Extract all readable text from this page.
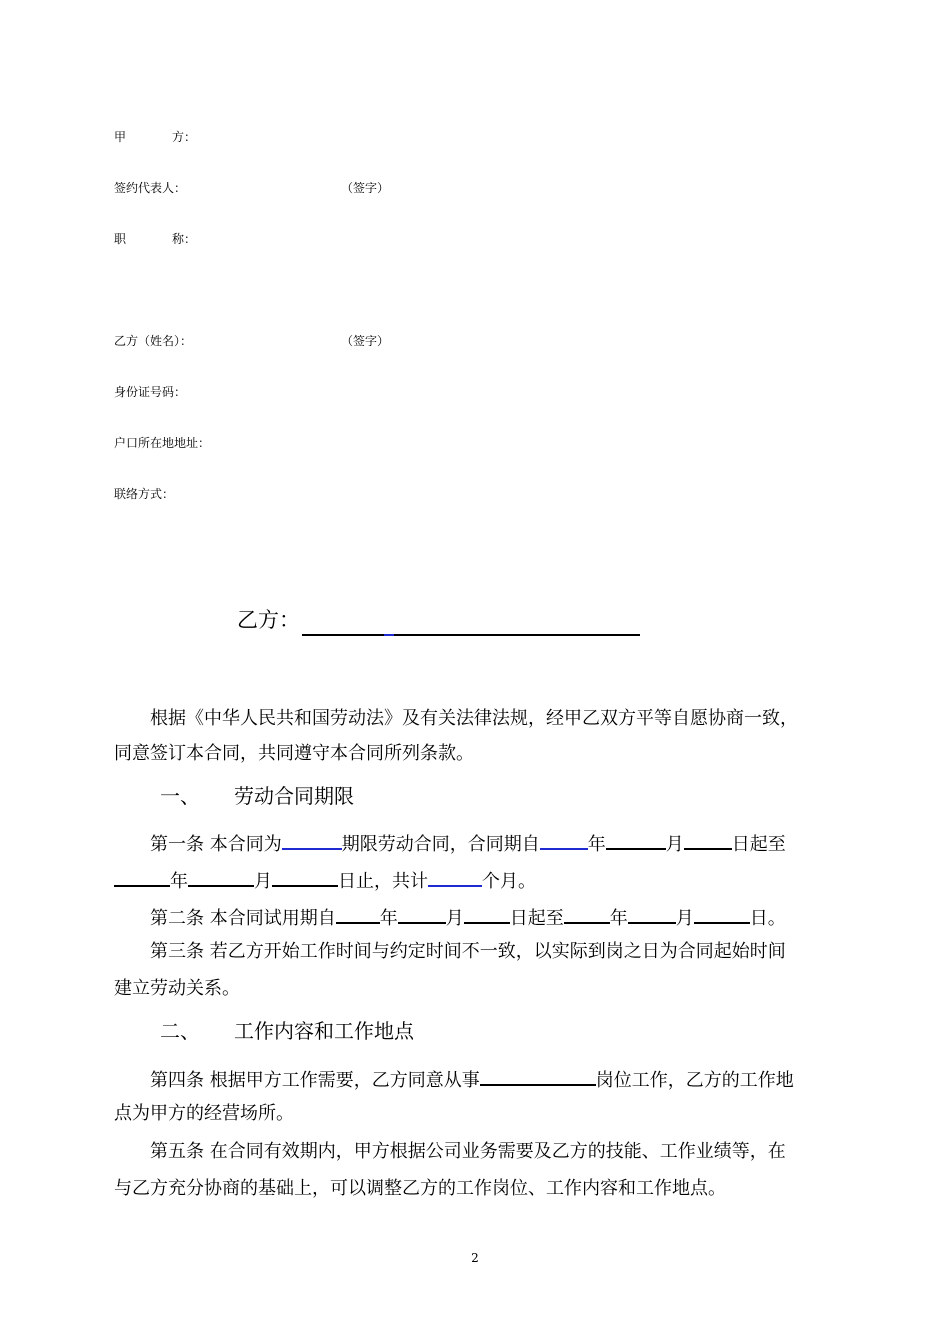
甲	方：
签约代表人：	（签字）
职	称：
乙方（姓名）：	（签字）
身份证号码：
户口所在地地址：
联络方式：
乙方：
根据《中华人民共和国劳动法》及有关法律法规，经甲乙双方平等自愿协商一致，
同意签订本合同，共同遵守本合同所列条款。
一、 劳动合同期限
第一条 本合同为	期限劳动合同，合同期自	年	月	日起至
年	月	日止，共计	个月。
第二条 本合同试用期自 年	月	日起至	年	月	日。
第三条 若乙方开始工作时间与约定时间不一致，以实际到岗之日为合同起始时间
建立劳动关系。
二、 工作内容和工作地点
第四条 根据甲方工作需要，乙方同意从事	岗位工作，乙方的工作地
点为甲方的经营场所。
第五条 在合同有效期内，甲方根据公司业务需要及乙方的技能、工作业绩等，在
与乙方充分协商的基础上，可以调整乙方的工作岗位、工作内容和工作地点。
2
